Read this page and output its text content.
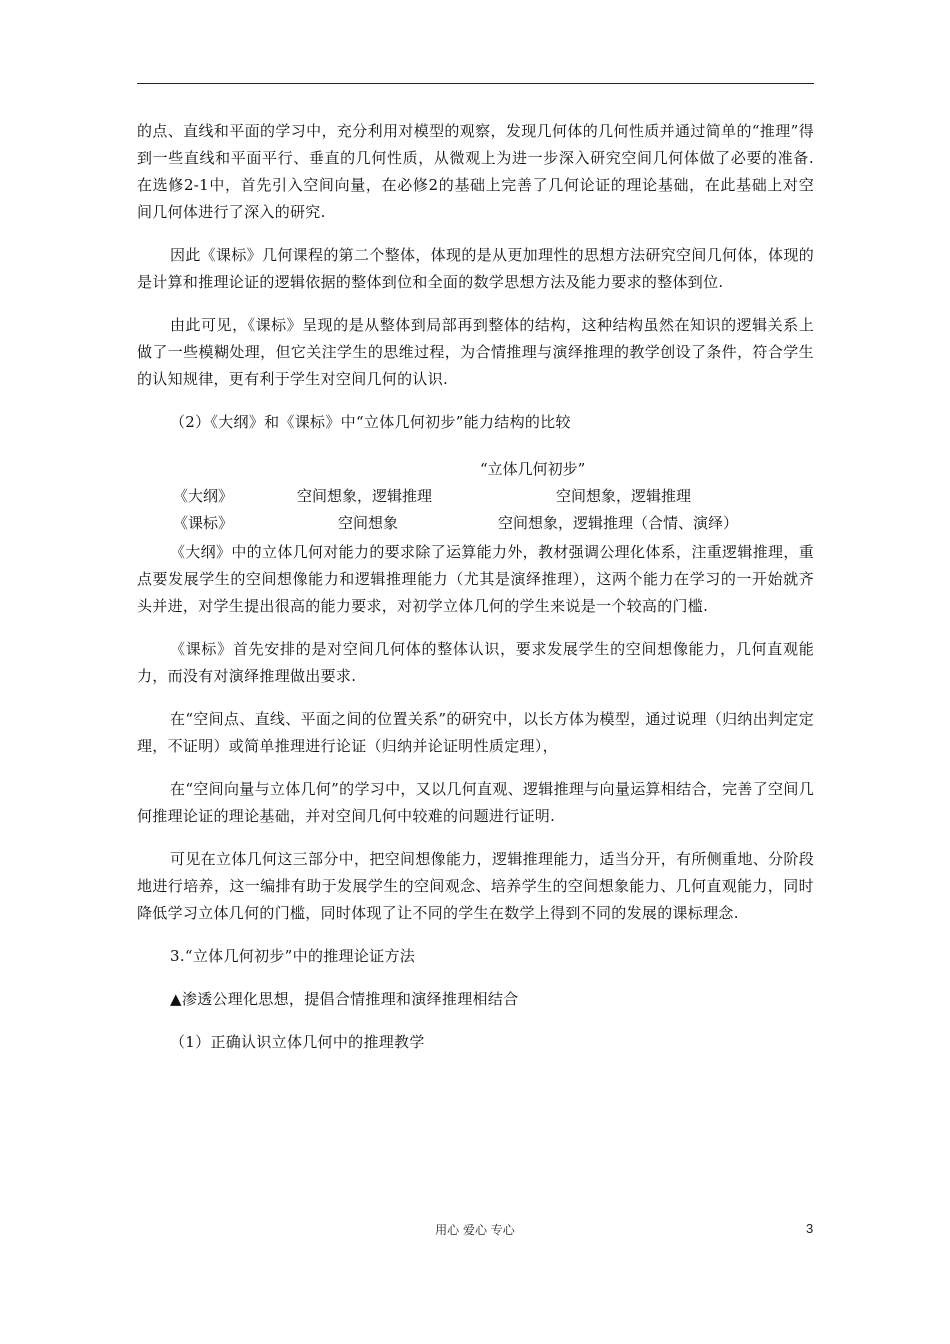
的点、直线和平面的学习中，充分利用对模型的观察，发现几何体的几何性质并通过简单的“推理”得到一些直线和平面平行、垂直的几何性质，从微观上为进一步深入研究空间几何体做了必要的准备.在选修2-1中，首先引入空间向量，在必修2的基础上完善了几何论证的理论基础，在此基础上对空间几何体进行了深入的研究.

因此《课标》几何课程的第二个整体，体现的是从更加理性的思想方法研究空间几何体，体现的是计算和推理论证的逻辑依据的整体到位和全面的数学思想方法及能力要求的整体到位.

由此可见，《课标》呈现的是从整体到局部再到整体的结构，这种结构虽然在知识的逻辑关系上做了一些模糊处理，但它关注学生的思维过程，为合情推理与演绎推理的教学创设了条件，符合学生的认知规律，更有利于学生对空间几何的认识.

（2）《大纲》和《课标》中“立体几何初步”能力结构的比较

“立体几何初步”
《大纲》	空间想象，逻辑推理	空间想象，逻辑推理
《课标》	空间想象	空间想象，逻辑推理（合情、演绎）

《大纲》中的立体几何对能力的要求除了运算能力外，教材强调公理化体系，注重逻辑推理，重点要发展学生的空间想像能力和逻辑推理能力（尤其是演绎推理），这两个能力在学习的一开始就齐头并进，对学生提出很高的能力要求，对初学立体几何的学生来说是一个较高的门槛.

《课标》首先安排的是对空间几何体的整体认识，要求发展学生的空间想像能力，几何直观能力，而没有对演绎推理做出要求.

在“空间点、直线、平面之间的位置关系”的研究中，以长方体为模型，通过说理（归纳出判定定理，不证明）或简单推理进行论证（归纳并论证明性质定理），

在“空间向量与立体几何”的学习中，又以几何直观、逻辑推理与向量运算相结合，完善了空间几何推理论证的理论基础，并对空间几何中较难的问题进行证明.

可见在立体几何这三部分中，把空间想像能力，逻辑推理能力，适当分开，有所侧重地、分阶段地进行培养，这一编排有助于发展学生的空间观念、培养学生的空间想象能力、几何直观能力，同时降低学习立体几何的门槛，同时体现了让不同的学生在数学上得到不同的发展的课标理念.

3.“立体几何初步”中的推理论证方法

▲渗透公理化思想，提倡合情推理和演绎推理相结合

（1）正确认识立体几何中的推理教学

用心 爱心 专心	3
